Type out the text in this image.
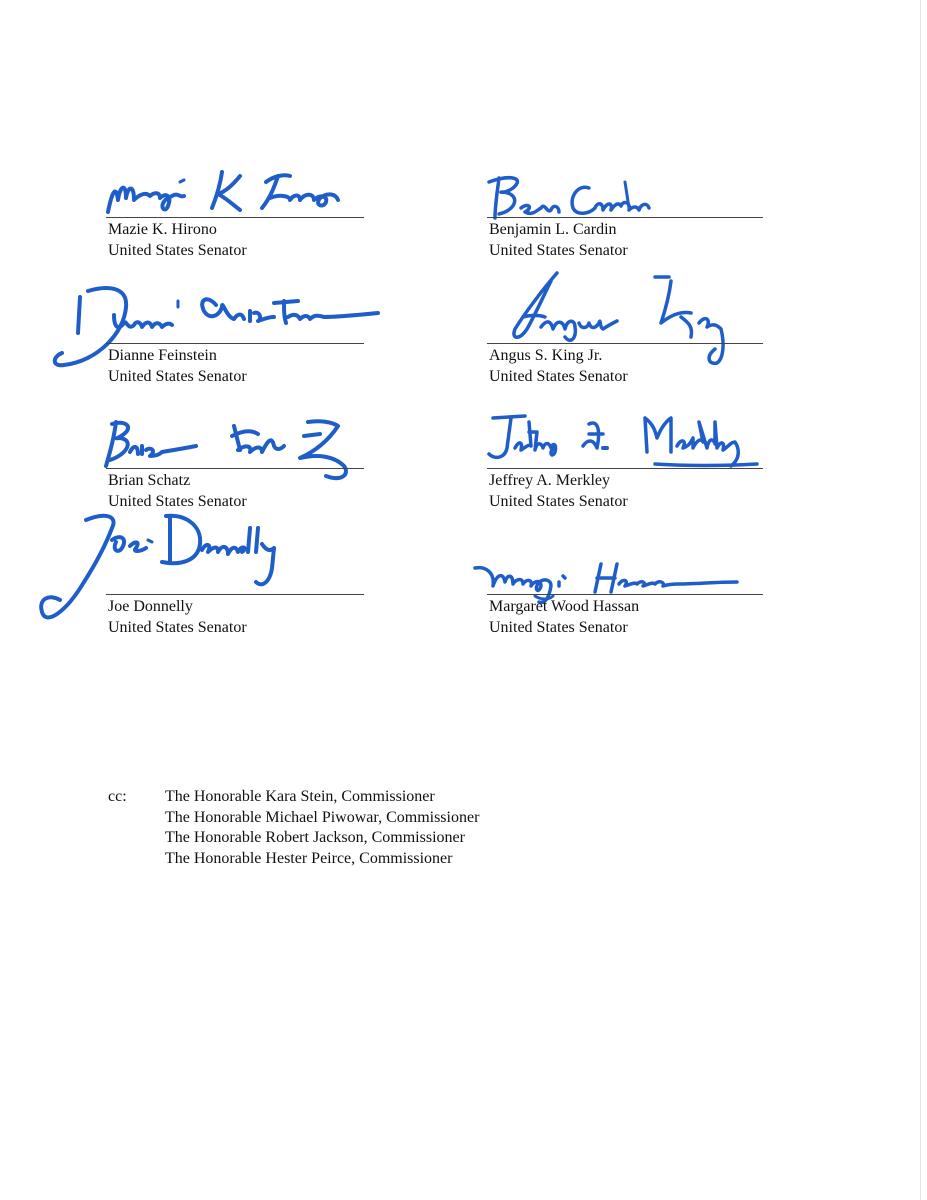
Mazie K. Hirono
United States Senator
Benjamin L. Cardin
United States Senator
Dianne Feinstein
United States Senator
Angus S. King Jr.
United States Senator
Brian Schatz
United States Senator
Jeffrey A. Merkley
United States Senator
Joe Donnelly
United States Senator
Margaret Wood Hassan
United States Senator
cc: The Honorable Kara Stein, Commissioner
The Honorable Michael Piwowar, Commissioner
The Honorable Robert Jackson, Commissioner
The Honorable Hester Peirce, Commissioner
